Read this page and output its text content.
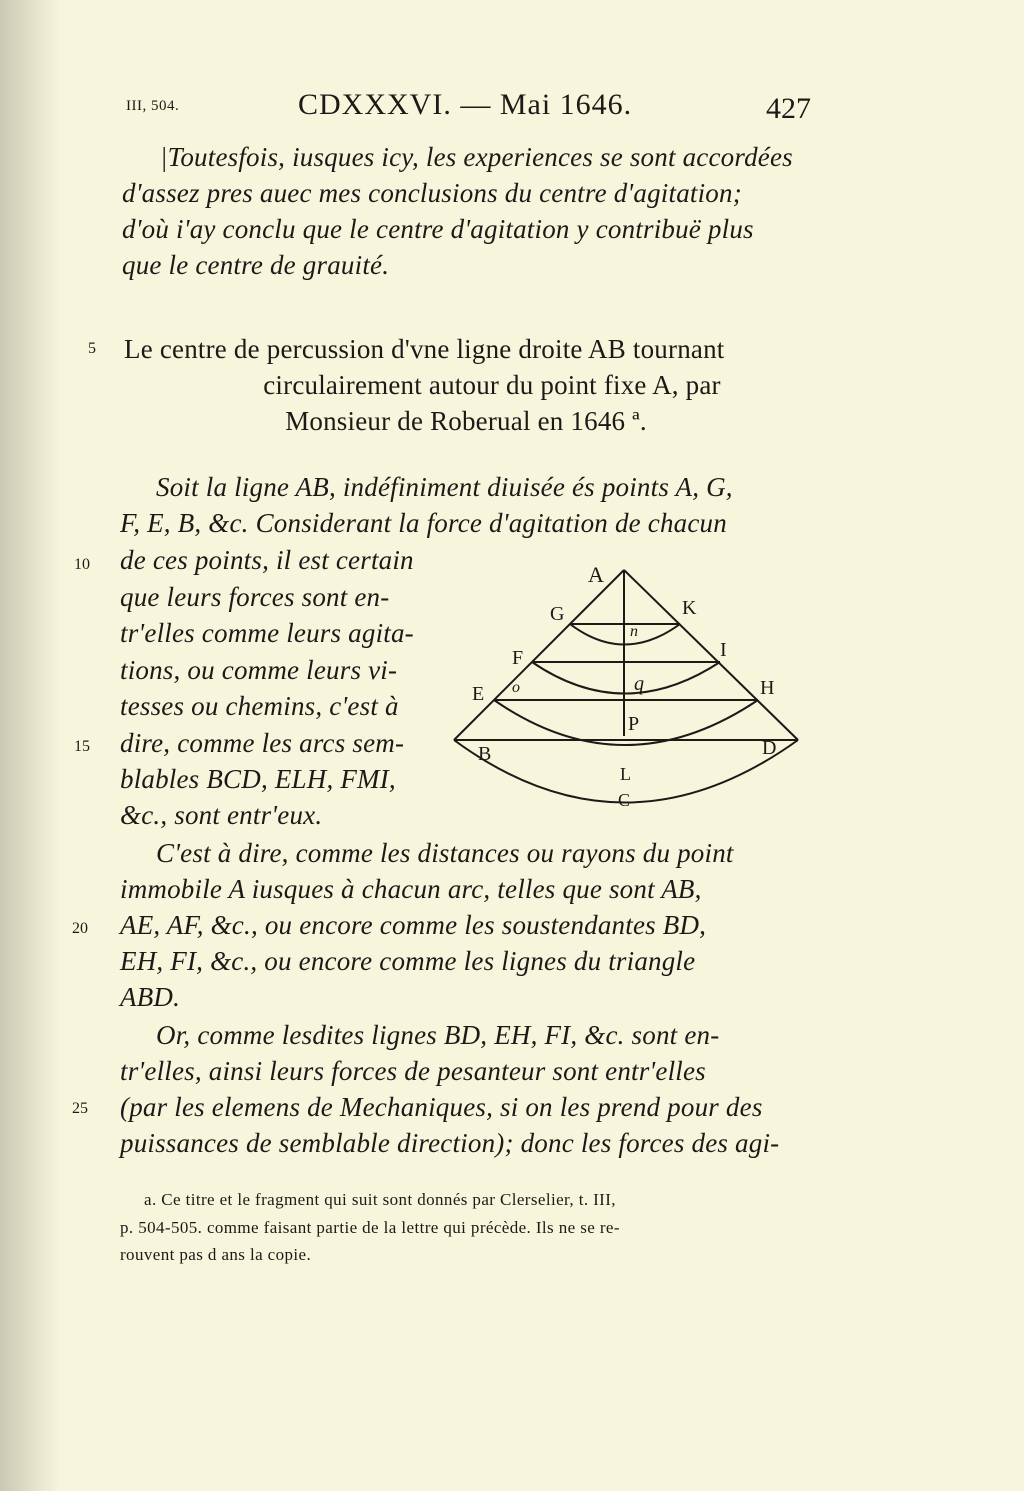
III, 504.	CDXXXVI. — Mai 1646.	427
|Toutesfois, iusques icy, les experiences se sont accordées
d'assez pres auec mes conclusions du centre d'agitation;
d'où i'ay conclu que le centre d'agitation y contribuë plus
que le centre de grauité.
5 Le centre de percussion d'vne ligne droite AB tournant
circulairement autour du point fixe A, par
Monsieur de Roberual en 1646 ª.
Soit la ligne AB, indéfiniment diuisée és points A, G,
F, E, B, &c. Considerant la force d'agitation de chacun
10 de ces points, il est certain
que leurs forces sont en-
tr'elles comme leurs agita-
tions, ou comme leurs vi-
tesses ou chemins, c'est à
15 dire, comme les arcs sem-
blables BCD, ELH, FMI,
&c., sont entr'eux.
A
G	K
F	I
E	H
B	D
n
o	q
P
L
C
C'est à dire, comme les distances ou rayons du point
immobile A iusques à chacun arc, telles que sont AB,
20 AE, AF, &c., ou encore comme les soustendantes BD,
EH, FI, &c., ou encore comme les lignes du triangle
ABD.
Or, comme lesdites lignes BD, EH, FI, &c. sont en-
tr'elles, ainsi leurs forces de pesanteur sont entr'elles
25 (par les elemens de Mechaniques, si on les prend pour des
puissances de semblable direction); donc les forces des agi-
a. Ce titre et le fragment qui suit sont donnés par Clerselier, t. III,
p. 504-505. comme faisant partie de la lettre qui précède. Ils ne se re-
rouvent pas d ans la copie.
